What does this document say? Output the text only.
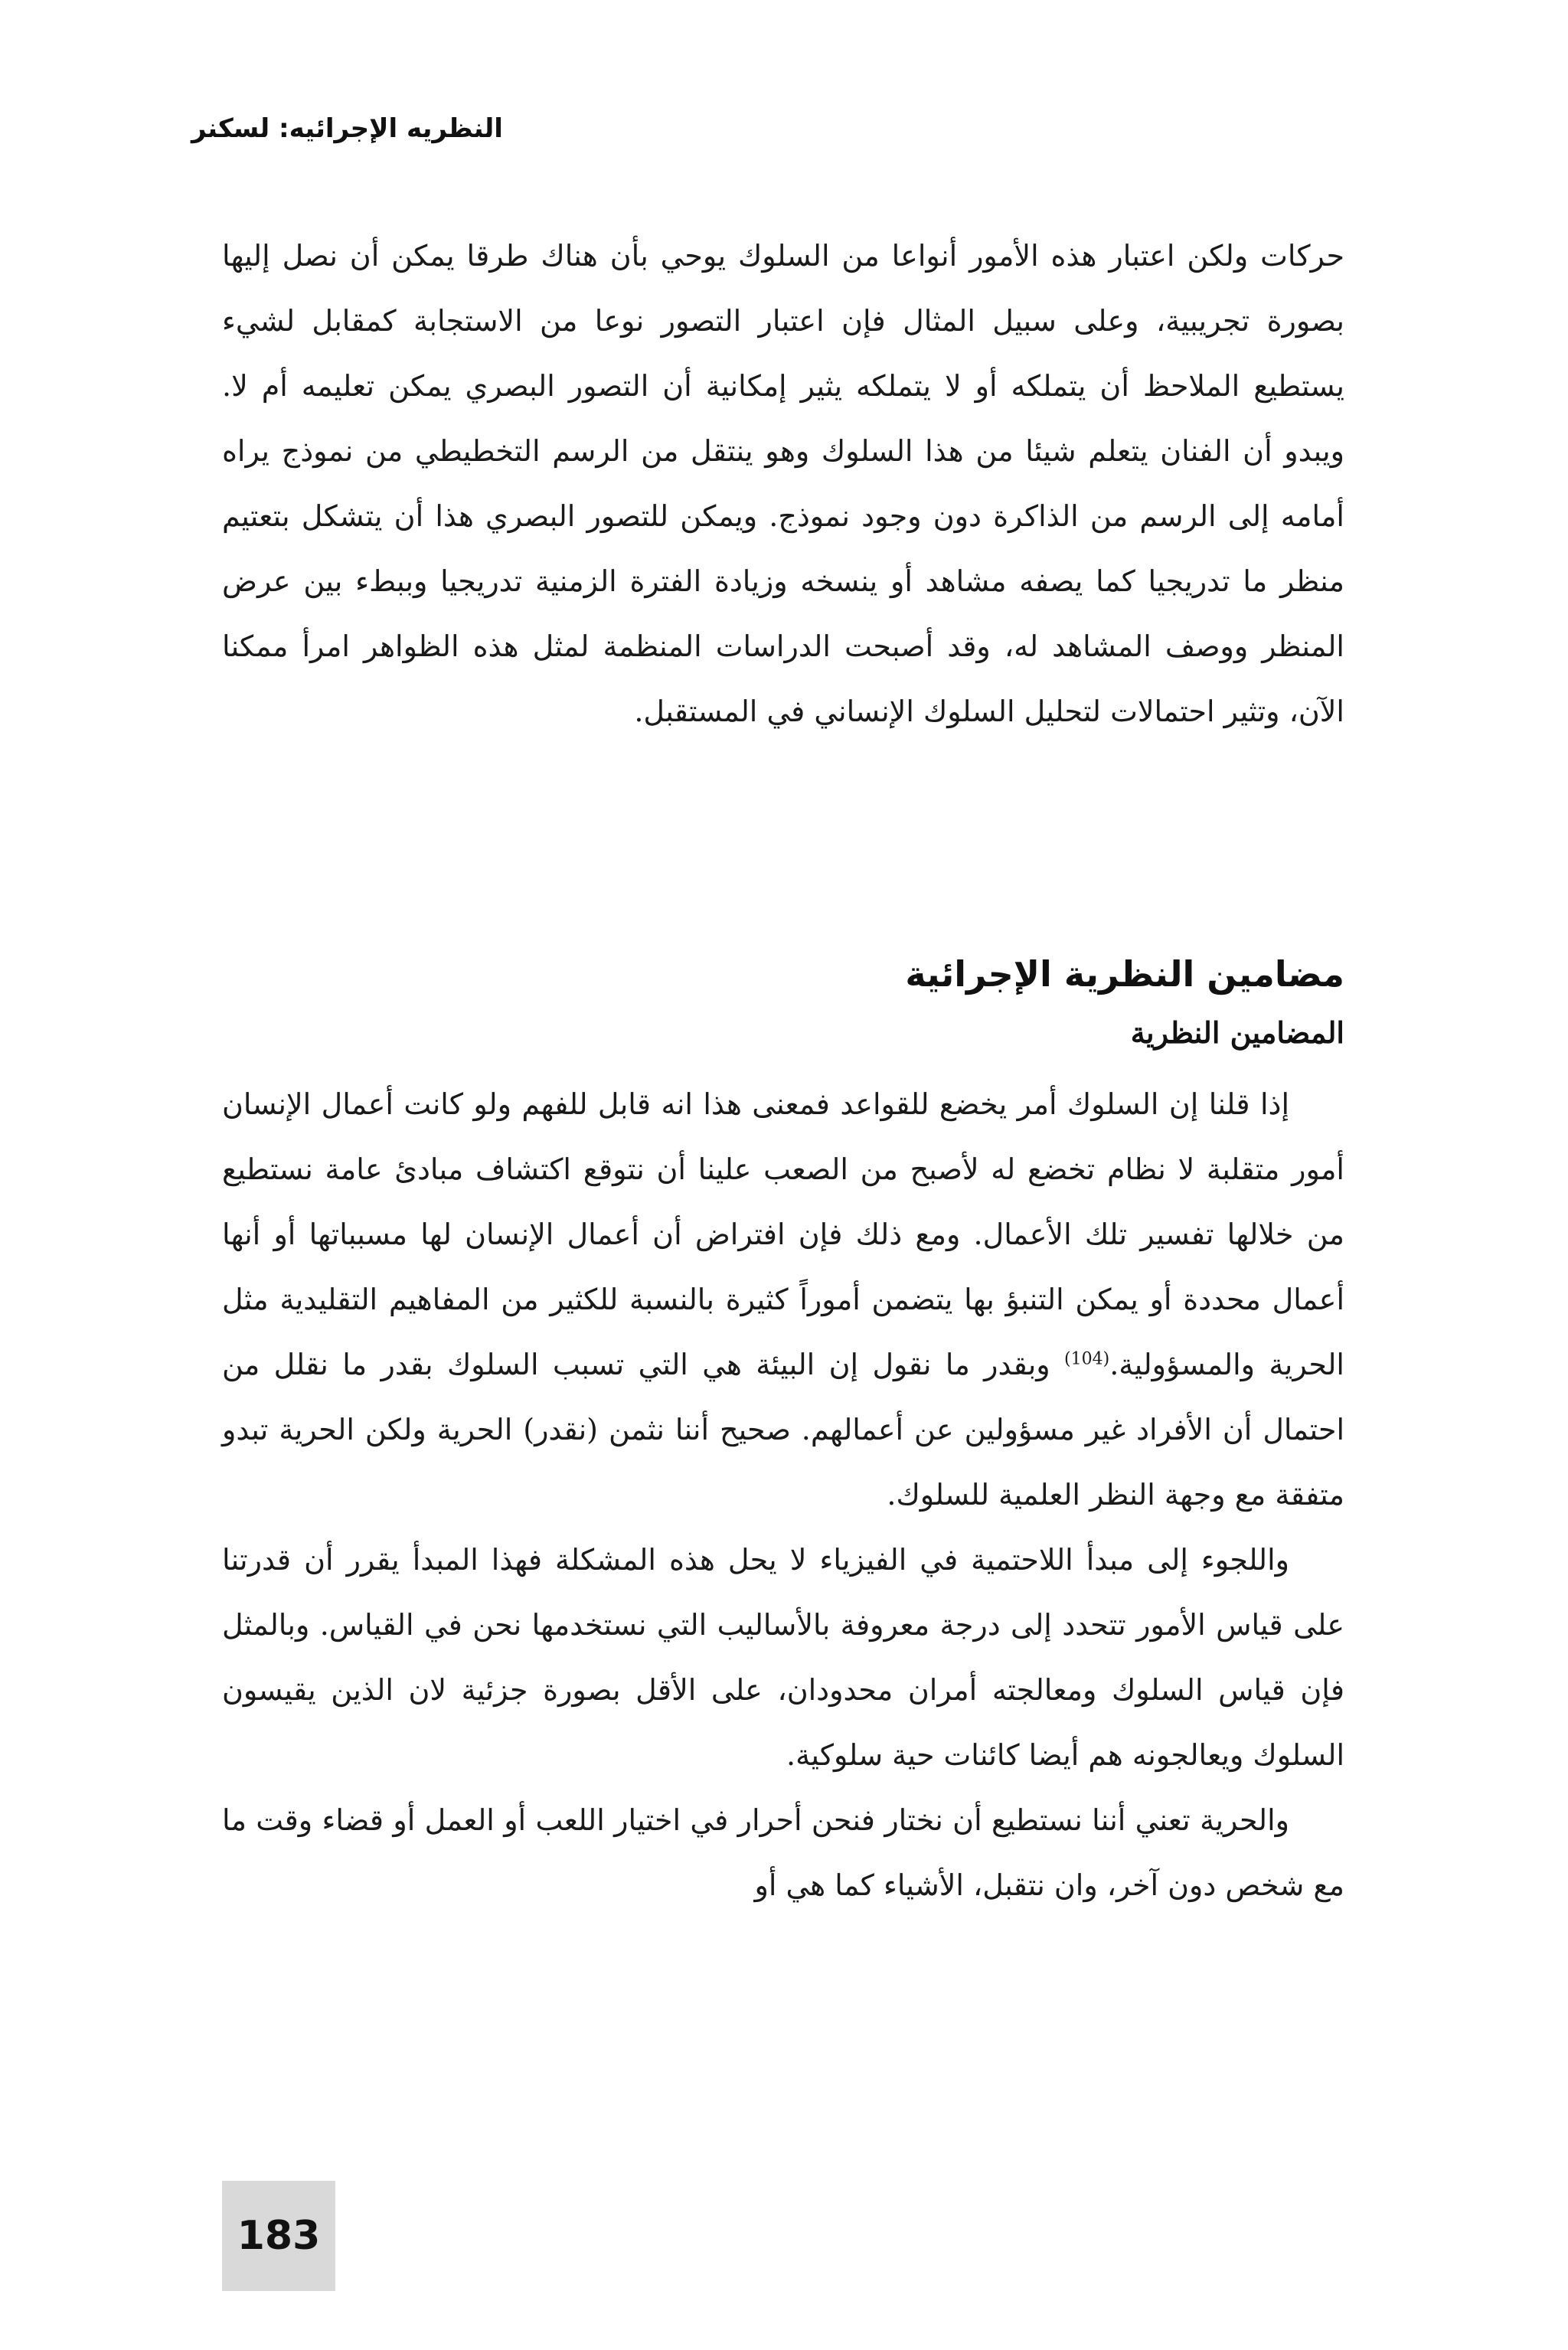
النظريه الإجرائيه: لسكنر

حركات ولكن اعتبار هذه الأمور أنواعا من السلوك يوحي بأن هناك طرقا يمكن أن نصل إليها بصورة تجريبية، وعلى سبيل المثال فإن اعتبار التصور نوعا من الاستجابة كمقابل لشيء يستطيع الملاحظ أن يتملكه أو لا يتملكه يثير إمكانية أن التصور البصري يمكن تعليمه أم لا. ويبدو أن الفنان يتعلم شيئا من هذا السلوك وهو ينتقل من الرسم التخطيطي من نموذج يراه أمامه إلى الرسم من الذاكرة دون وجود نموذج. ويمكن للتصور البصري هذا أن يتشكل بتعتيم منظر ما تدريجيا كما يصفه مشاهد أو ينسخه وزيادة الفترة الزمنية تدريجيا وببطء بين عرض المنظر ووصف المشاهد له، وقد أصبحت الدراسات المنظمة لمثل هذه الظواهر امرأ ممكنا الآن، وتثير احتمالات لتحليل السلوك الإنساني في المستقبل.

مضامين النظرية الإجرائية
المضامين النظرية

إذا قلنا إن السلوك أمر يخضع للقواعد فمعنى هذا انه قابل للفهم ولو كانت أعمال الإنسان أمور متقلبة لا نظام تخضع له لأصبح من الصعب علينا أن نتوقع اكتشاف مبادئ عامة نستطيع من خلالها تفسير تلك الأعمال. ومع ذلك فإن افتراض أن أعمال الإنسان لها مسبباتها أو أنها أعمال محددة أو يمكن التنبؤ بها يتضمن أموراً كثيرة بالنسبة للكثير من المفاهيم التقليدية مثل الحرية والمسؤولية.$^{(104)}$ وبقدر ما نقول إن البيئة هي التي تسبب السلوك بقدر ما نقلل من احتمال أن الأفراد غير مسؤولين عن أعمالهم. صحيح أننا نثمن (نقدر) الحرية ولكن الحرية تبدو متفقة مع وجهة النظر العلمية للسلوك.

واللجوء إلى مبدأ اللاحتمية في الفيزياء لا يحل هذه المشكلة فهذا المبدأ يقرر أن قدرتنا على قياس الأمور تتحدد إلى درجة معروفة بالأساليب التي نستخدمها نحن في القياس. وبالمثل فإن قياس السلوك ومعالجته أمران محدودان، على الأقل بصورة جزئية لان الذين يقيسون السلوك ويعالجونه هم أيضا كائنات حية سلوكية.

والحرية تعني أننا نستطيع أن نختار فنحن أحرار في اختيار اللعب أو العمل أو قضاء وقت ما مع شخص دون آخر، وان نتقبل، الأشياء كما هي أو

183
